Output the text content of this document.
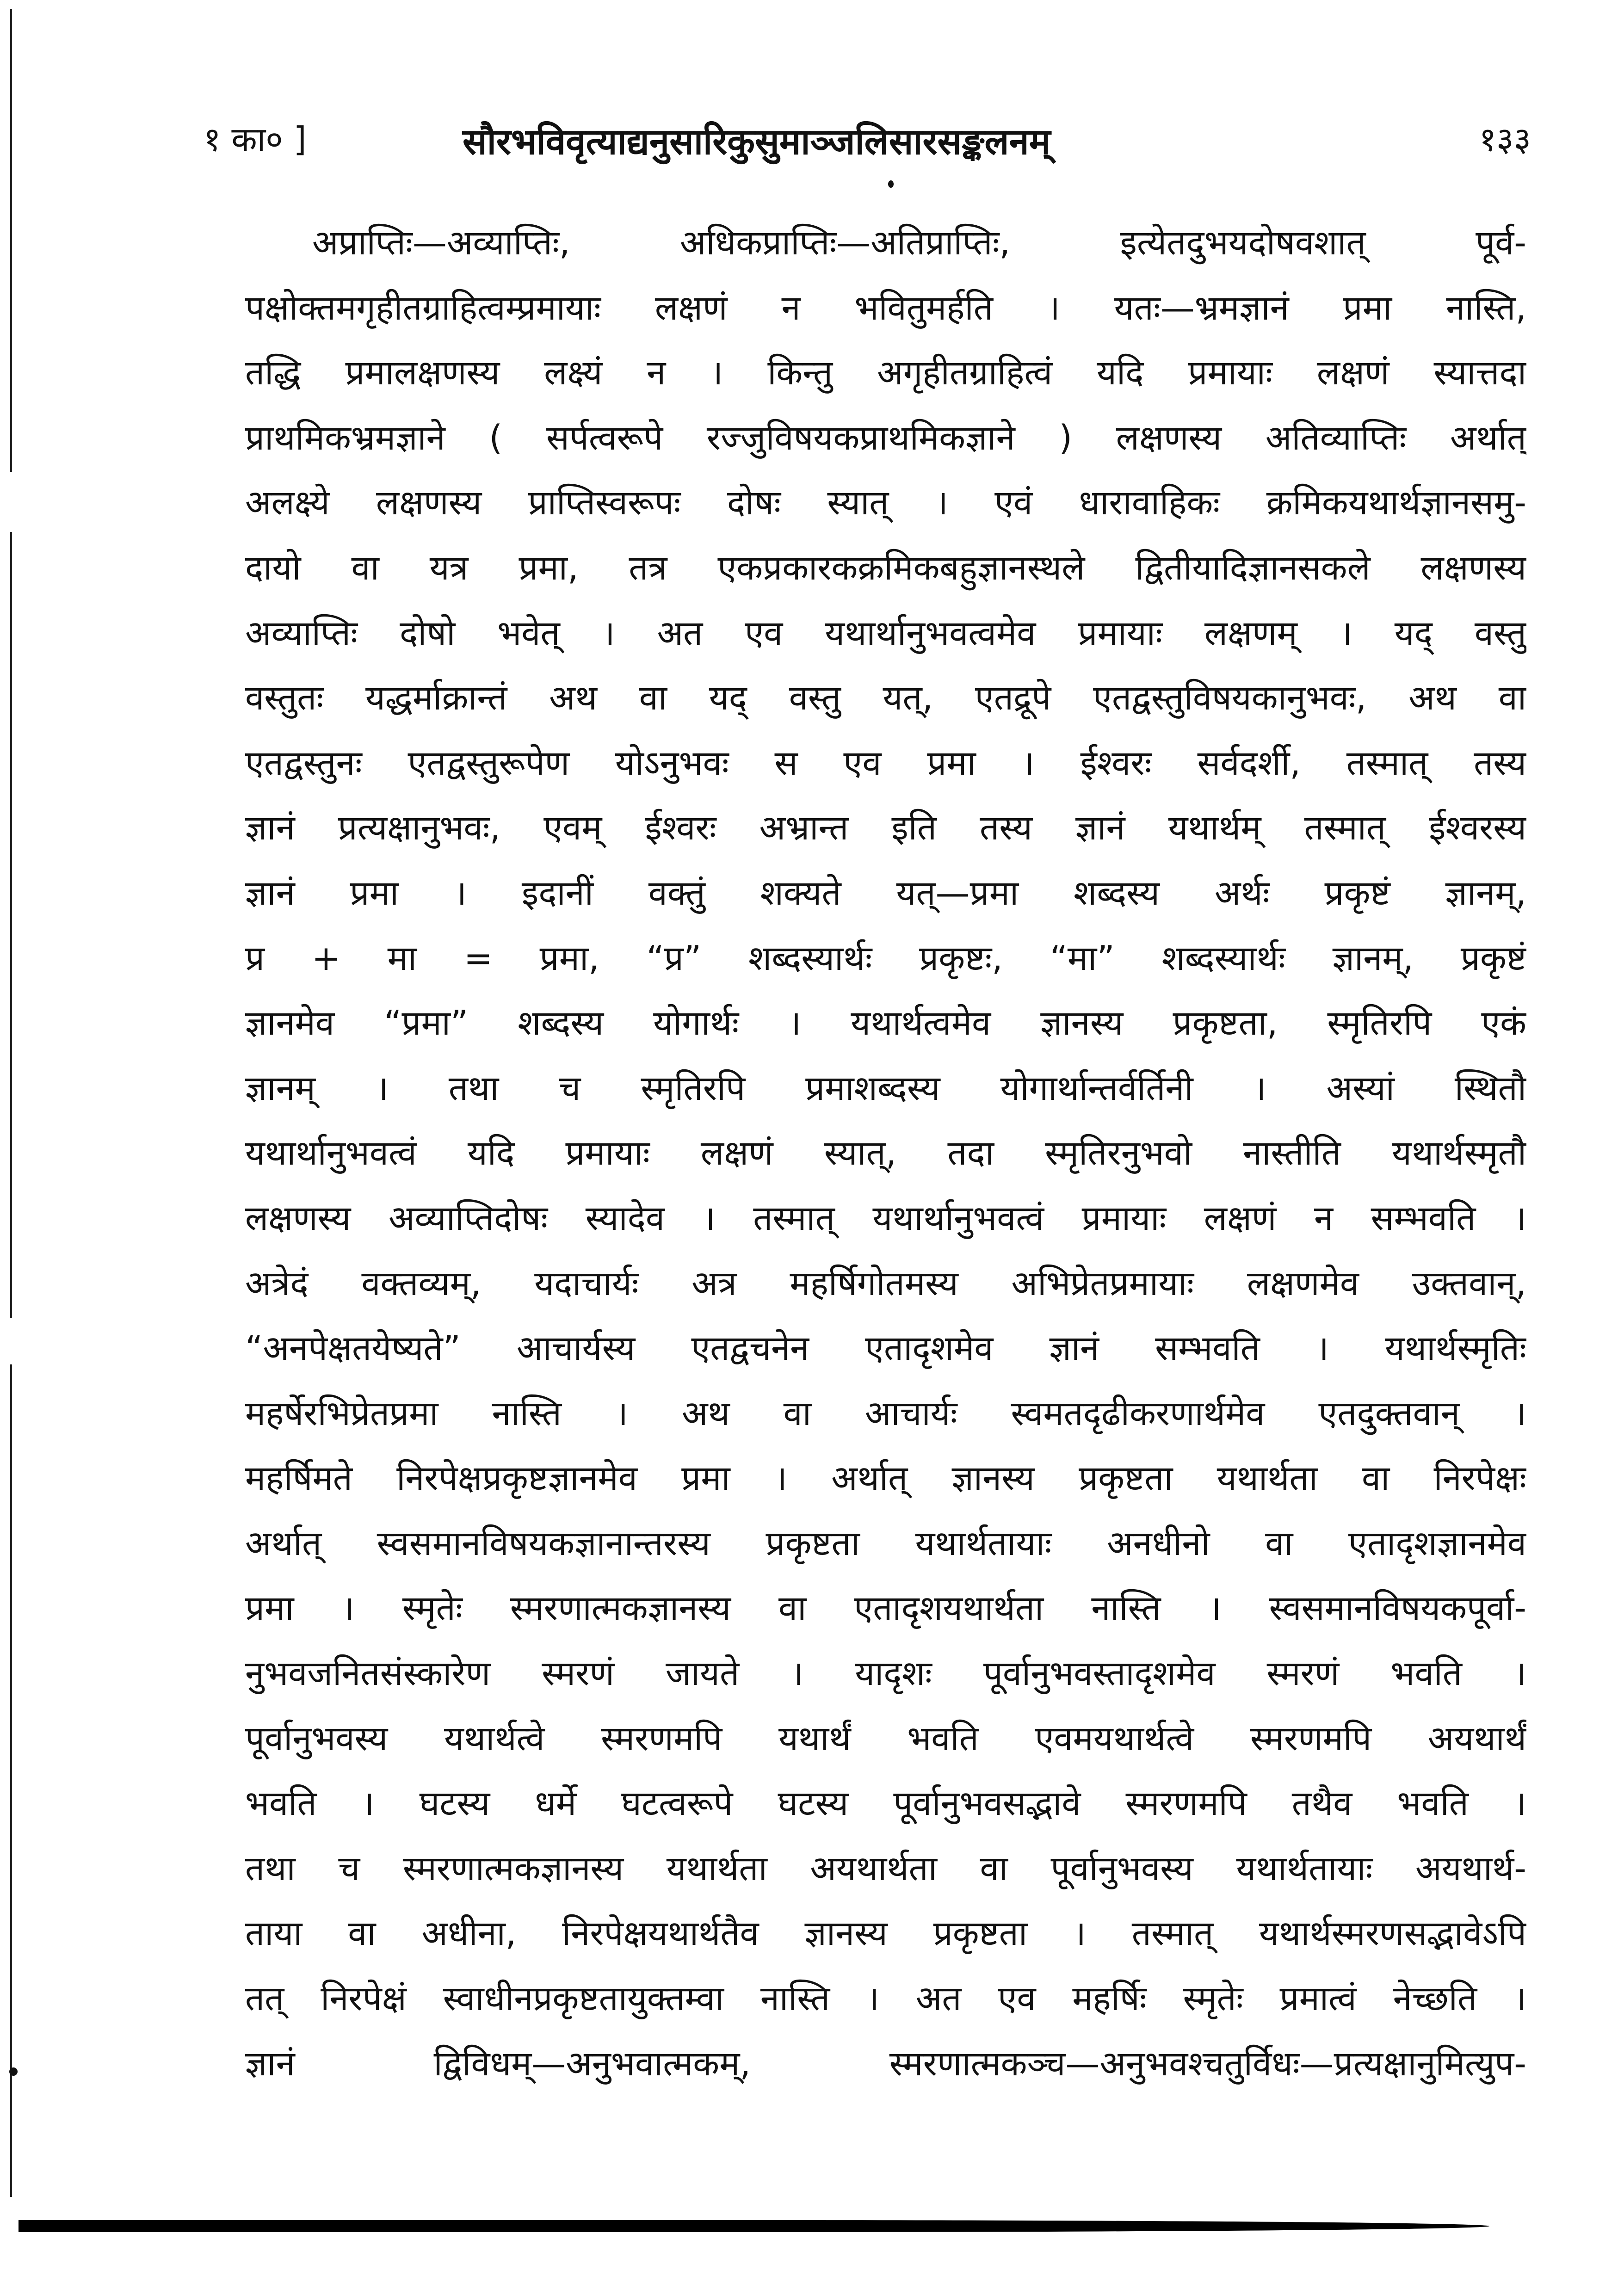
१ का० ]	सौरभविवृत्याद्यनुसारिकुसुमाञ्जलिसारसङ्कलनम्	१३३
अप्राप्तिः—अव्याप्तिः, अधिकप्राप्तिः—अतिप्राप्तिः, इत्येतदुभयदोषवशात् पूर्व-
पक्षोक्तमगृहीतग्राहित्वम्प्रमायाः लक्षणं न भवितुमर्हति । यतः—भ्रमज्ञानं प्रमा नास्ति,
तद्धि प्रमालक्षणस्य लक्ष्यं न । किन्तु अगृहीतग्राहित्वं यदि प्रमायाः लक्षणं स्यात्तदा
प्राथमिकभ्रमज्ञाने ( सर्पत्वरूपे रज्जुविषयकप्राथमिकज्ञाने ) लक्षणस्य अतिव्याप्तिः अर्थात्
अलक्ष्ये लक्षणस्य प्राप्तिस्वरूपः दोषः स्यात् । एवं धारावाहिकः क्रमिकयथार्थज्ञानसमु-
दायो वा यत्र प्रमा, तत्र एकप्रकारकक्रमिकबहुज्ञानस्थले द्वितीयादिज्ञानसकले लक्षणस्य
अव्याप्तिः दोषो भवेत् । अत एव यथार्थानुभवत्वमेव प्रमायाः लक्षणम् । यद् वस्तु
वस्तुतः यद्धर्माक्रान्तं अथ वा यद् वस्तु यत्, एतद्रूपे एतद्वस्तुविषयकानुभवः, अथ वा
एतद्वस्तुनः एतद्वस्तुरूपेण योऽनुभवः स एव प्रमा । ईश्वरः सर्वदर्शी, तस्मात् तस्य
ज्ञानं प्रत्यक्षानुभवः, एवम् ईश्वरः अभ्रान्त इति तस्य ज्ञानं यथार्थम् तस्मात् ईश्वरस्य
ज्ञानं प्रमा । इदानीं वक्तुं शक्यते यत्—प्रमा शब्दस्य अर्थः प्रकृष्टं ज्ञानम्,
प्र + मा = प्रमा, “प्र” शब्दस्यार्थः प्रकृष्टः, “मा” शब्दस्यार्थः ज्ञानम्, प्रकृष्टं
ज्ञानमेव “प्रमा” शब्दस्य योगार्थः । यथार्थत्वमेव ज्ञानस्य प्रकृष्टता, स्मृतिरपि एकं
ज्ञानम् । तथा च स्मृतिरपि प्रमाशब्दस्य योगार्थान्तर्वर्तिनी । अस्यां स्थितौ
यथार्थानुभवत्वं यदि प्रमायाः लक्षणं स्यात्, तदा स्मृतिरनुभवो नास्तीति यथार्थस्मृतौ
लक्षणस्य अव्याप्तिदोषः स्यादेव । तस्मात् यथार्थानुभवत्वं प्रमायाः लक्षणं न सम्भवति ।
अत्रेदं वक्तव्यम्, यदाचार्यः अत्र महर्षिगोतमस्य अभिप्रेतप्रमायाः लक्षणमेव उक्तवान्,
“अनपेक्षतयेष्यते” आचार्यस्य एतद्वचनेन एतादृशमेव ज्ञानं सम्भवति । यथार्थस्मृतिः
महर्षेरभिप्रेतप्रमा नास्ति । अथ वा आचार्यः स्वमतदृढीकरणार्थमेव एतदुक्तवान् ।
महर्षिमते निरपेक्षप्रकृष्टज्ञानमेव प्रमा । अर्थात् ज्ञानस्य प्रकृष्टता यथार्थता वा निरपेक्षः
अर्थात् स्वसमानविषयकज्ञानान्तरस्य प्रकृष्टता यथार्थतायाः अनधीनो वा एतादृशज्ञानमेव
प्रमा । स्मृतेः स्मरणात्मकज्ञानस्य वा एतादृशयथार्थता नास्ति । स्वसमानविषयकपूर्वा-
नुभवजनितसंस्कारेण स्मरणं जायते । यादृशः पूर्वानुभवस्तादृशमेव स्मरणं भवति ।
पूर्वानुभवस्य यथार्थत्वे स्मरणमपि यथार्थं भवति एवमयथार्थत्वे स्मरणमपि अयथार्थं
भवति । घटस्य धर्मे घटत्वरूपे घटस्य पूर्वानुभवसद्भावे स्मरणमपि तथैव भवति ।
तथा च स्मरणात्मकज्ञानस्य यथार्थता अयथार्थता वा पूर्वानुभवस्य यथार्थतायाः अयथार्थ-
ताया वा अधीना, निरपेक्षयथार्थतैव ज्ञानस्य प्रकृष्टता । तस्मात् यथार्थस्मरणसद्भावेऽपि
तत् निरपेक्षं स्वाधीनप्रकृष्टतायुक्तम्वा नास्ति । अत एव महर्षिः स्मृतेः प्रमात्वं नेच्छति ।
ज्ञानं द्विविधम्—अनुभवात्मकम्, स्मरणात्मकञ्च—अनुभवश्चतुर्विधः—प्रत्यक्षानुमित्युप-
